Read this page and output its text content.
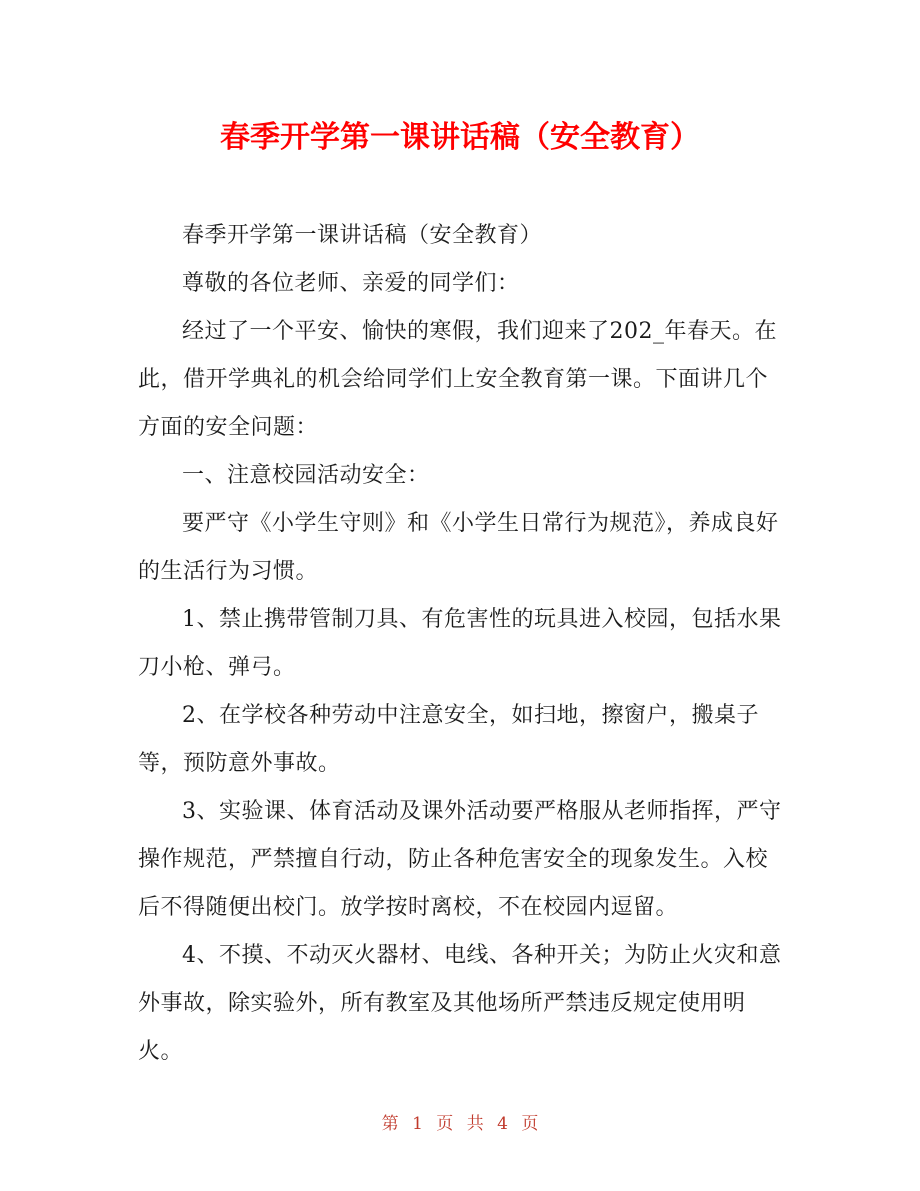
春季开学第一课讲话稿（安全教育）

春季开学第一课讲话稿（安全教育）

尊敬的各位老师、亲爱的同学们：

经过了一个平安、愉快的寒假，我们迎来了202_年春天。在此，借开学典礼的机会给同学们上安全教育第一课。下面讲几个方面的安全问题：

一、注意校园活动安全：

要严守《小学生守则》和《小学生日常行为规范》，养成良好的生活行为习惯。

1、禁止携带管制刀具、有危害性的玩具进入校园，包括水果刀小枪、弹弓。

2、在学校各种劳动中注意安全，如扫地，擦窗户，搬桌子等，预防意外事故。

3、实验课、体育活动及课外活动要严格服从老师指挥，严守操作规范，严禁擅自行动，防止各种危害安全的现象发生。入校后不得随便出校门。放学按时离校，不在校园内逗留。

4、不摸、不动灭火器材、电线、各种开关；为防止火灾和意外事故，除实验外，所有教室及其他场所严禁违反规定使用明火。

第 1 页 共 4 页
